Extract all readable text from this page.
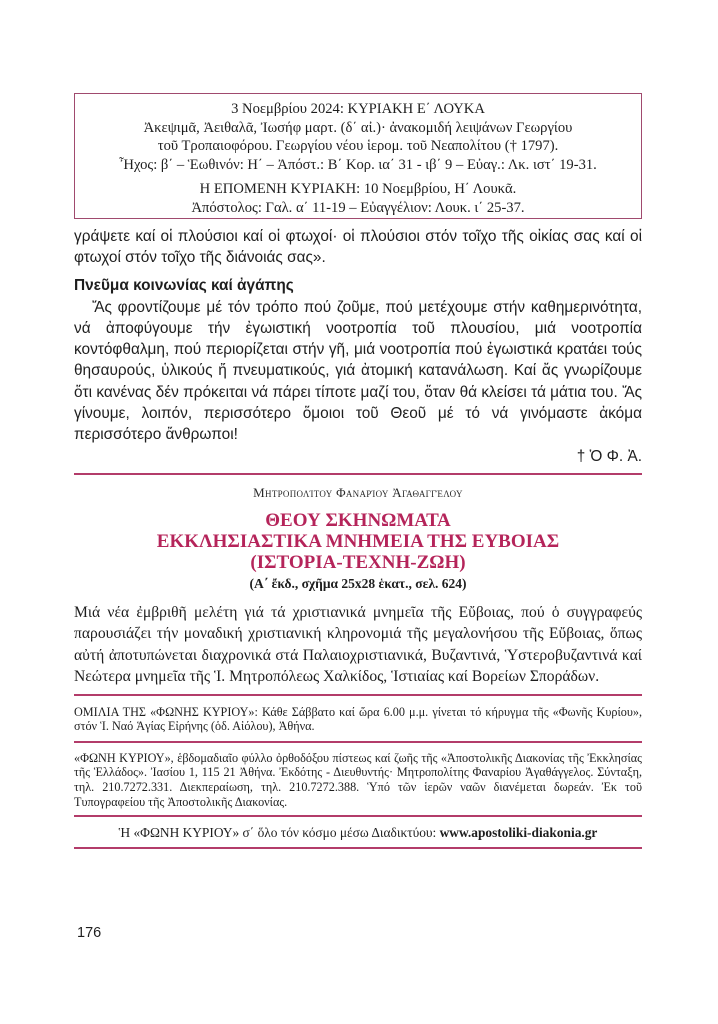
3 Νοεμβρίου 2024: ΚΥΡΙΑΚΗ Ε΄ ΛΟΥΚΑ
Ἀκεψιμᾶ, Ἀειθαλᾶ, Ἰωσήφ μαρτ. (δ΄ αἰ.)· ἀνακομιδή λειψάνων Γεωργίου
τοῦ Τροπαιοφόρου. Γεωργίου νέου ἱερομ. τοῦ Νεαπολίτου († 1797).
Ἦχος: β΄ – Ἑωθινόν: Η΄ – Ἀπόστ.: Β΄ Κορ. ια΄ 31 - ιβ΄ 9 – Εὐαγ.: Λκ. ιστ΄ 19-31.
Η ΕΠΟΜΕΝΗ ΚΥΡΙΑΚΗ: 10 Νοεμβρίου, Η΄ Λουκᾶ.
Ἀπόστολος: Γαλ. α΄ 11-19 – Εὐαγγέλιον: Λουκ. ι΄ 25-37.

γράψετε καί οἱ πλούσιοι καί οἱ φτωχοί· οἱ πλούσιοι στόν τοῖχο τῆς οἰκίας σας καί οἱ φτωχοί στόν τοῖχο τῆς διάνοιάς σας».

Πνεῦμα κοινωνίας καί ἀγάπης

Ἄς φροντίζουμε μέ τόν τρόπο πού ζοῦμε, πού μετέχουμε στήν καθημερινότητα, νά ἀποφύγουμε τήν ἐγωιστική νοοτροπία τοῦ πλουσίου, μιά νοοτροπία κοντόφθαλμη, πού περιορίζεται στήν γῆ, μιά νοοτροπία πού ἐγωιστικά κρατάει τούς θησαυρούς, ὑλικούς ἤ πνευματικούς, γιά ἀτομική κατανάλωση. Καί ἄς γνωρίζουμε ὅτι κανένας δέν πρόκειται νά πάρει τίποτε μαζί του, ὅταν θά κλείσει τά μάτια του. Ἄς γίνουμε, λοιπόν, περισσότερο ὅμοιοι τοῦ Θεοῦ μέ τό νά γινόμαστε ἀκόμα περισσότερο ἄνθρωποι!

† Ὁ Φ. Ἀ.
Μητροπολίτου Φαναρίου Ἀγαθαγγέλου
ΘΕΟΥ ΣΚΗΝΩΜΑΤΑ
ΕΚΚΛΗΣΙΑΣΤΙΚΑ ΜΝΗΜΕΙΑ ΤΗΣ ΕΥΒΟΙΑΣ
(ΙΣΤΟΡΙΑ-ΤΕΧΝΗ-ΖΩΗ)
(Α΄ ἔκδ., σχῆμα 25x28 ἑκατ., σελ. 624)

Μιά νέα ἐμβριθῆ μελέτη γιά τά χριστιανικά μνημεῖα τῆς Εὔβοιας, πού ὁ συγγραφεύς παρουσιάζει τήν μοναδική χριστιανική κληρονομιά τῆς μεγαλονήσου τῆς Εὔβοιας, ὅπως αὐτή ἀποτυπώνεται διαχρονικά στά Παλαιοχριστιανικά, Βυζαντινά, Ὑστεροβυζαντινά καί Νεώτερα μνημεῖα τῆς Ἱ. Μητροπόλεως Χαλκίδος, Ἱστιαίας καί Βορείων Σποράδων.

ΟΜΙΛΙΑ ΤΗΣ «ΦΩΝΗΣ ΚΥΡΙΟΥ»: Κάθε Σάββατο καί ὥρα 6.00 μ.μ. γίνεται τό κήρυγμα τῆς «Φωνῆς Κυρίου», στόν Ἱ. Ναό Ἁγίας Εἰρήνης (ὁδ. Αἰόλου), Ἀθήνα.
«ΦΩΝΗ ΚΥΡΙΟΥ», ἑβδομαδιαῖο φύλλο ὀρθοδόξου πίστεως καί ζωῆς τῆς «Ἀποστολικῆς Διακονίας τῆς Ἐκκλησίας τῆς Ἑλλάδος». Ἰασίου 1, 115 21 Ἀθήνα. Ἐκδότης - Διευθυντής· Μητροπολίτης Φαναρίου Ἀγαθάγγελος. Σύνταξη, τηλ. 210.7272.331. Διεκπεραίωση, τηλ. 210.7272.388. Ὑπό τῶν ἱερῶν ναῶν διανέμεται δωρεάν. Ἐκ τοῦ Τυπογραφείου τῆς Ἀποστολικῆς Διακονίας.
Ἡ «ΦΩΝΗ ΚΥΡΙΟΥ» σ΄ ὅλο τόν κόσμο μέσω Διαδικτύου: www.apostoliki-diakonia.gr
176
